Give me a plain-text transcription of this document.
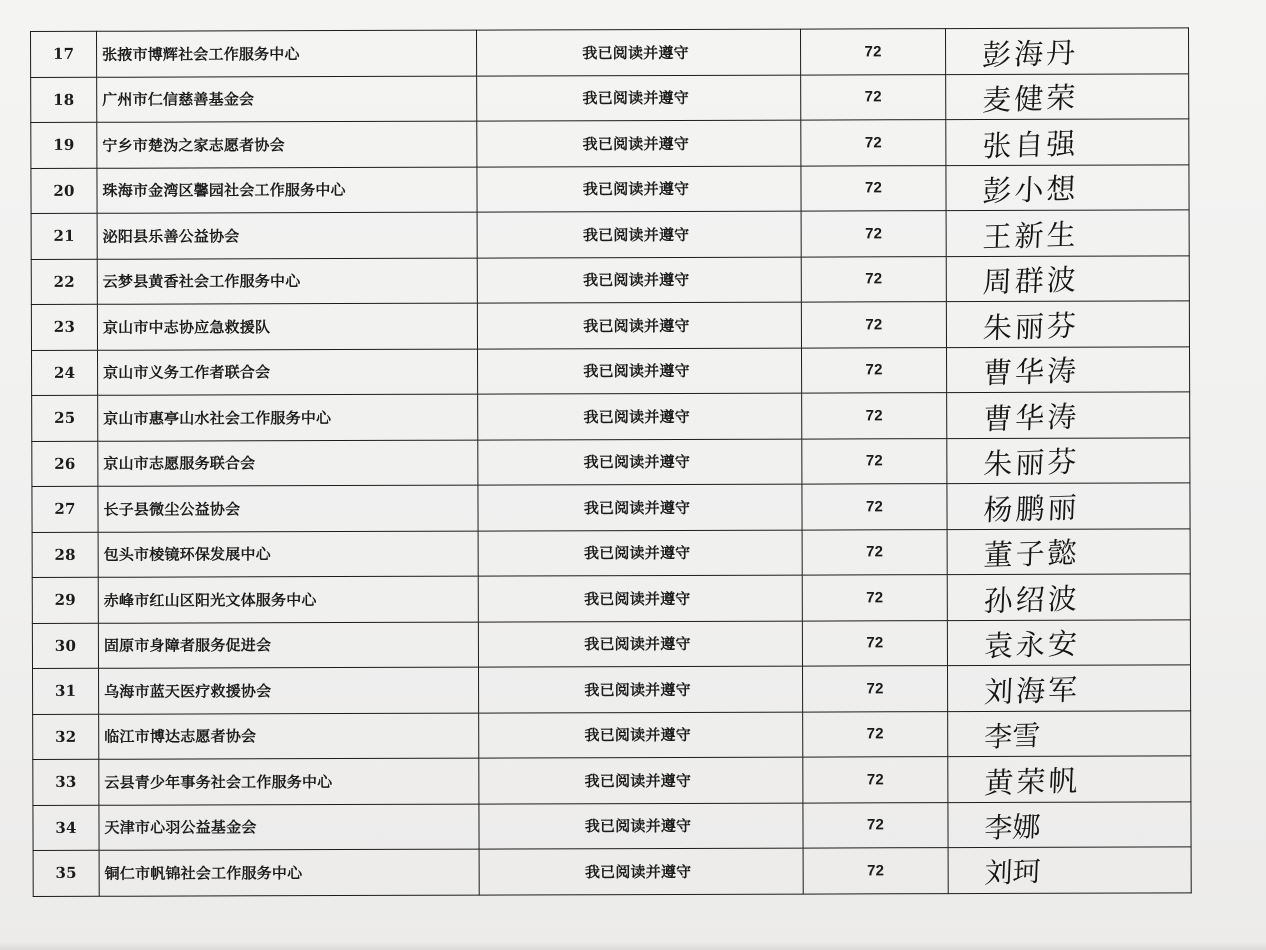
17	张掖市博辉社会工作服务中心	我已阅读并遵守	72	彭海丹
18	广州市仁信慈善基金会	我已阅读并遵守	72	麦健荣
19	宁乡市楚沩之家志愿者协会	我已阅读并遵守	72	张自强
20	珠海市金湾区馨园社会工作服务中心	我已阅读并遵守	72	彭小想
21	泌阳县乐善公益协会	我已阅读并遵守	72	王新生
22	云梦县黄香社会工作服务中心	我已阅读并遵守	72	周群波
23	京山市中志协应急救援队	我已阅读并遵守	72	朱丽芬
24	京山市义务工作者联合会	我已阅读并遵守	72	曹华涛
25	京山市惠亭山水社会工作服务中心	我已阅读并遵守	72	曹华涛
26	京山市志愿服务联合会	我已阅读并遵守	72	朱丽芬
27	长子县微尘公益协会	我已阅读并遵守	72	杨鹏丽
28	包头市棱镜环保发展中心	我已阅读并遵守	72	董子懿
29	赤峰市红山区阳光文体服务中心	我已阅读并遵守	72	孙绍波
30	固原市身障者服务促进会	我已阅读并遵守	72	袁永安
31	乌海市蓝天医疗救援协会	我已阅读并遵守	72	刘海军
32	临江市博达志愿者协会	我已阅读并遵守	72	李雪
33	云县青少年事务社会工作服务中心	我已阅读并遵守	72	黄荣帆
34	天津市心羽公益基金会	我已阅读并遵守	72	李娜
35	铜仁市帆锦社会工作服务中心	我已阅读并遵守	72	刘珂
